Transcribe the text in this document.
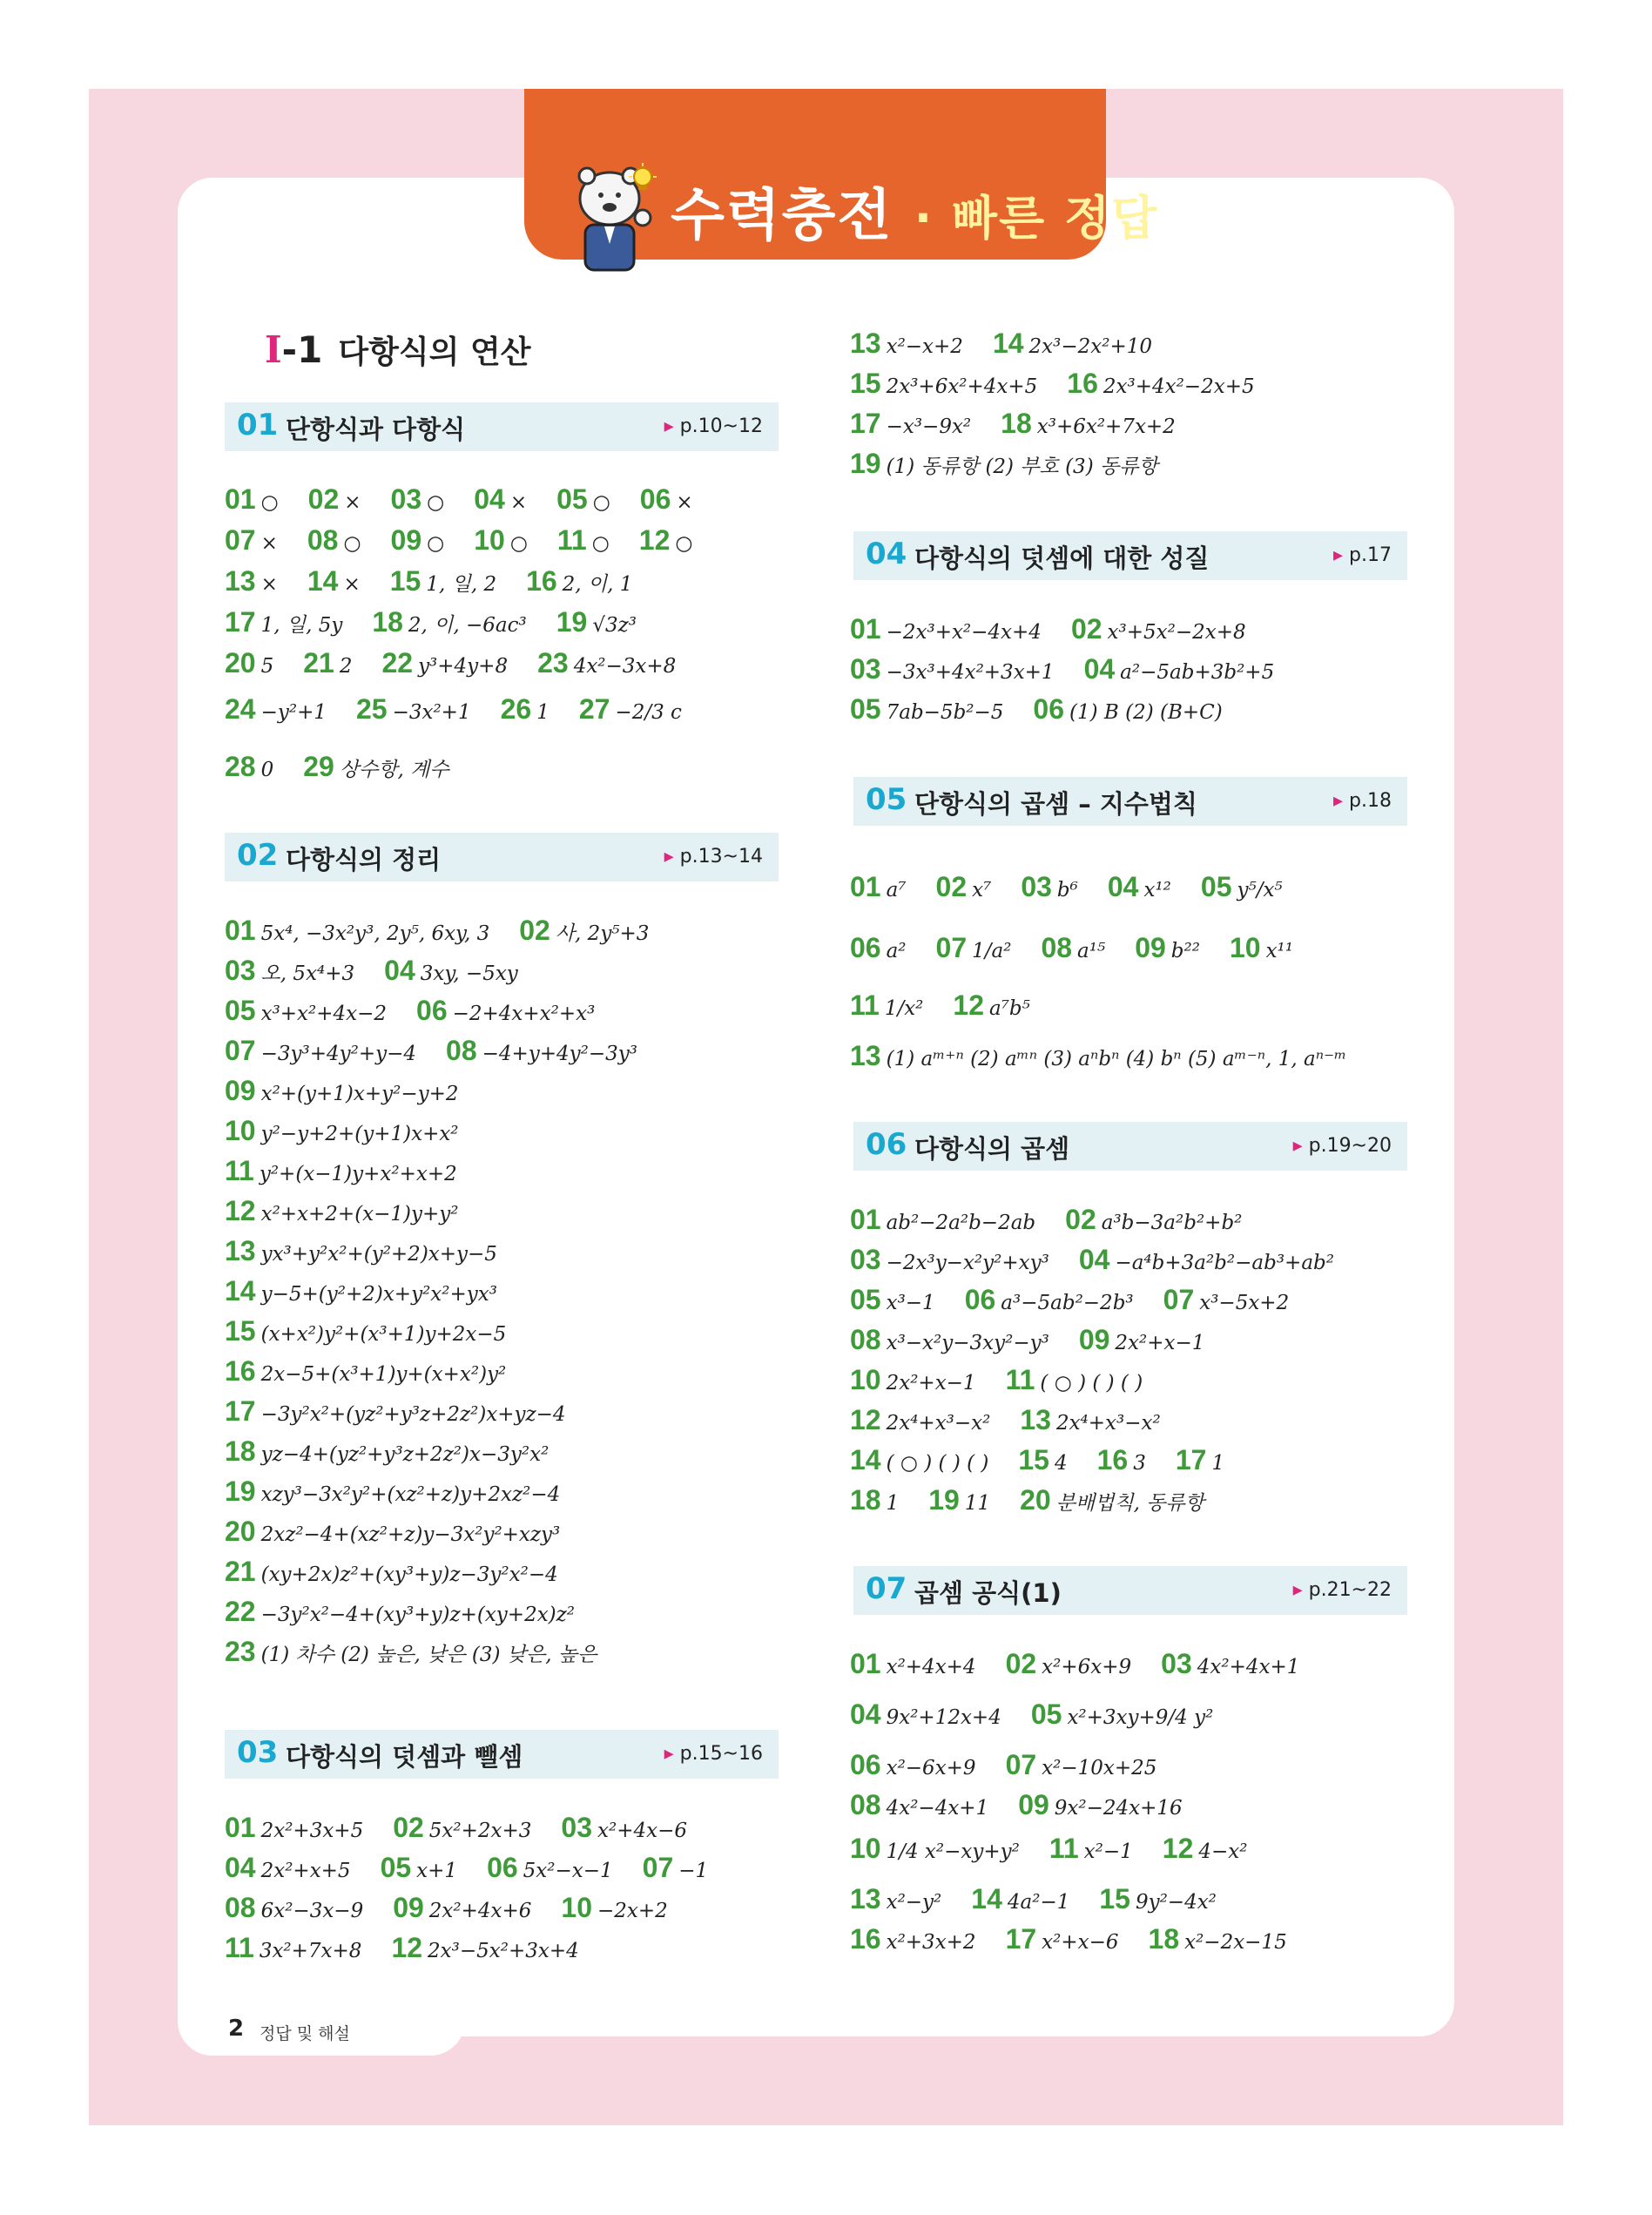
수력충전 · 빠른 정답
I-1 다항식의 연산
01 단항식과 다항식	▸ p.10~12
02 다항식의 정리	▸ p.13~14
03 다항식의 덧셈과 뺄셈	▸ p.15~16
04 다항식의 덧셈에 대한 성질	▸ p.17
05 단항식의 곱셈 – 지수법칙	▸ p.18
06 다항식의 곱셈	▸ p.19~20
07 곱셈 공식(1)	▸ p.21~22
01 ○ 02 × 03 ○ 04 × 05 ○ 06 ×
07 × 08 ○ 09 ○ 10 ○ 11 ○ 12 ○
13 × 14 × 15 1, 일, 2 16 2, 이, 1
17 1, 일, 5y 18 2, 이, −6ac³ 19 √3z³
20 5 21 2 22 y³+4y+8 23 4x²−3x+8
24 −y²+1 25 −3x²+1 26 1 27 −2/3 c
28 0 29 상수항, 계수
01 5x⁴, −3x²y³, 2y⁵, 6xy, 3 02 사, 2y⁵+3
03 오, 5x⁴+3 04 3xy, −5xy
05 x³+x²+4x−2 06 −2+4x+x²+x³
07 −3y³+4y²+y−4 08 −4+y+4y²−3y³
09 x²+(y+1)x+y²−y+2
10 y²−y+2+(y+1)x+x²
11 y²+(x−1)y+x²+x+2
12 x²+x+2+(x−1)y+y²
13 yx³+y²x²+(y²+2)x+y−5
14 y−5+(y²+2)x+y²x²+yx³
15 (x+x²)y²+(x³+1)y+2x−5
16 2x−5+(x³+1)y+(x+x²)y²
17 −3y²x²+(yz²+y³z+2z²)x+yz−4
18 yz−4+(yz²+y³z+2z²)x−3y²x²
19 xzy³−3x²y²+(xz²+z)y+2xz²−4
20 2xz²−4+(xz²+z)y−3x²y²+xzy³
21 (xy+2x)z²+(xy³+y)z−3y²x²−4
22 −3y²x²−4+(xy³+y)z+(xy+2x)z²
23 (1) 차수 (2) 높은, 낮은 (3) 낮은, 높은
01 2x²+3x+5 02 5x²+2x+3 03 x²+4x−6
04 2x²+x+5 05 x+1 06 5x²−x−1 07 −1
08 6x²−3x−9 09 2x²+4x+6 10 −2x+2
11 3x²+7x+8 12 2x³−5x²+3x+4
13 x²−x+2 14 2x³−2x²+10
15 2x³+6x²+4x+5 16 2x³+4x²−2x+5
17 −x³−9x² 18 x³+6x²+7x+2
19 (1) 동류항 (2) 부호 (3) 동류항
01 −2x³+x²−4x+4 02 x³+5x²−2x+8
03 −3x³+4x²+3x+1 04 a²−5ab+3b²+5
05 7ab−5b²−5 06 (1) B (2) (B+C)
01 a⁷ 02 x⁷ 03 b⁶ 04 x¹² 05 y⁵/x⁵
06 a² 07 1/a² 08 a¹⁵ 09 b²² 10 x¹¹
11 1/x² 12 a⁷b⁵
13 (1) aᵐ⁺ⁿ (2) aᵐⁿ (3) aⁿbⁿ (4) bⁿ (5) aᵐ⁻ⁿ, 1, aⁿ⁻ᵐ
01 ab²−2a²b−2ab 02 a³b−3a²b²+b²
03 −2x³y−x²y²+xy³ 04 −a⁴b+3a²b²−ab³+ab²
05 x³−1 06 a³−5ab²−2b³ 07 x³−5x+2
08 x³−x²y−3xy²−y³ 09 2x²+x−1
10 2x²+x−1 11 ( ○ ) ( ) ( )
12 2x⁴+x³−x² 13 2x⁴+x³−x²
14 ( ○ ) ( ) ( ) 15 4 16 3 17 1
18 1 19 11 20 분배법칙, 동류항
01 x²+4x+4 02 x²+6x+9 03 4x²+4x+1
04 9x²+12x+4 05 x²+3xy+9/4 y²
06 x²−6x+9 07 x²−10x+25
08 4x²−4x+1 09 9x²−24x+16
10 1/4 x²−xy+y² 11 x²−1 12 4−x²
13 x²−y² 14 4a²−1 15 9y²−4x²
16 x²+3x+2 17 x²+x−6 18 x²−2x−15
2 정답 및 해설
